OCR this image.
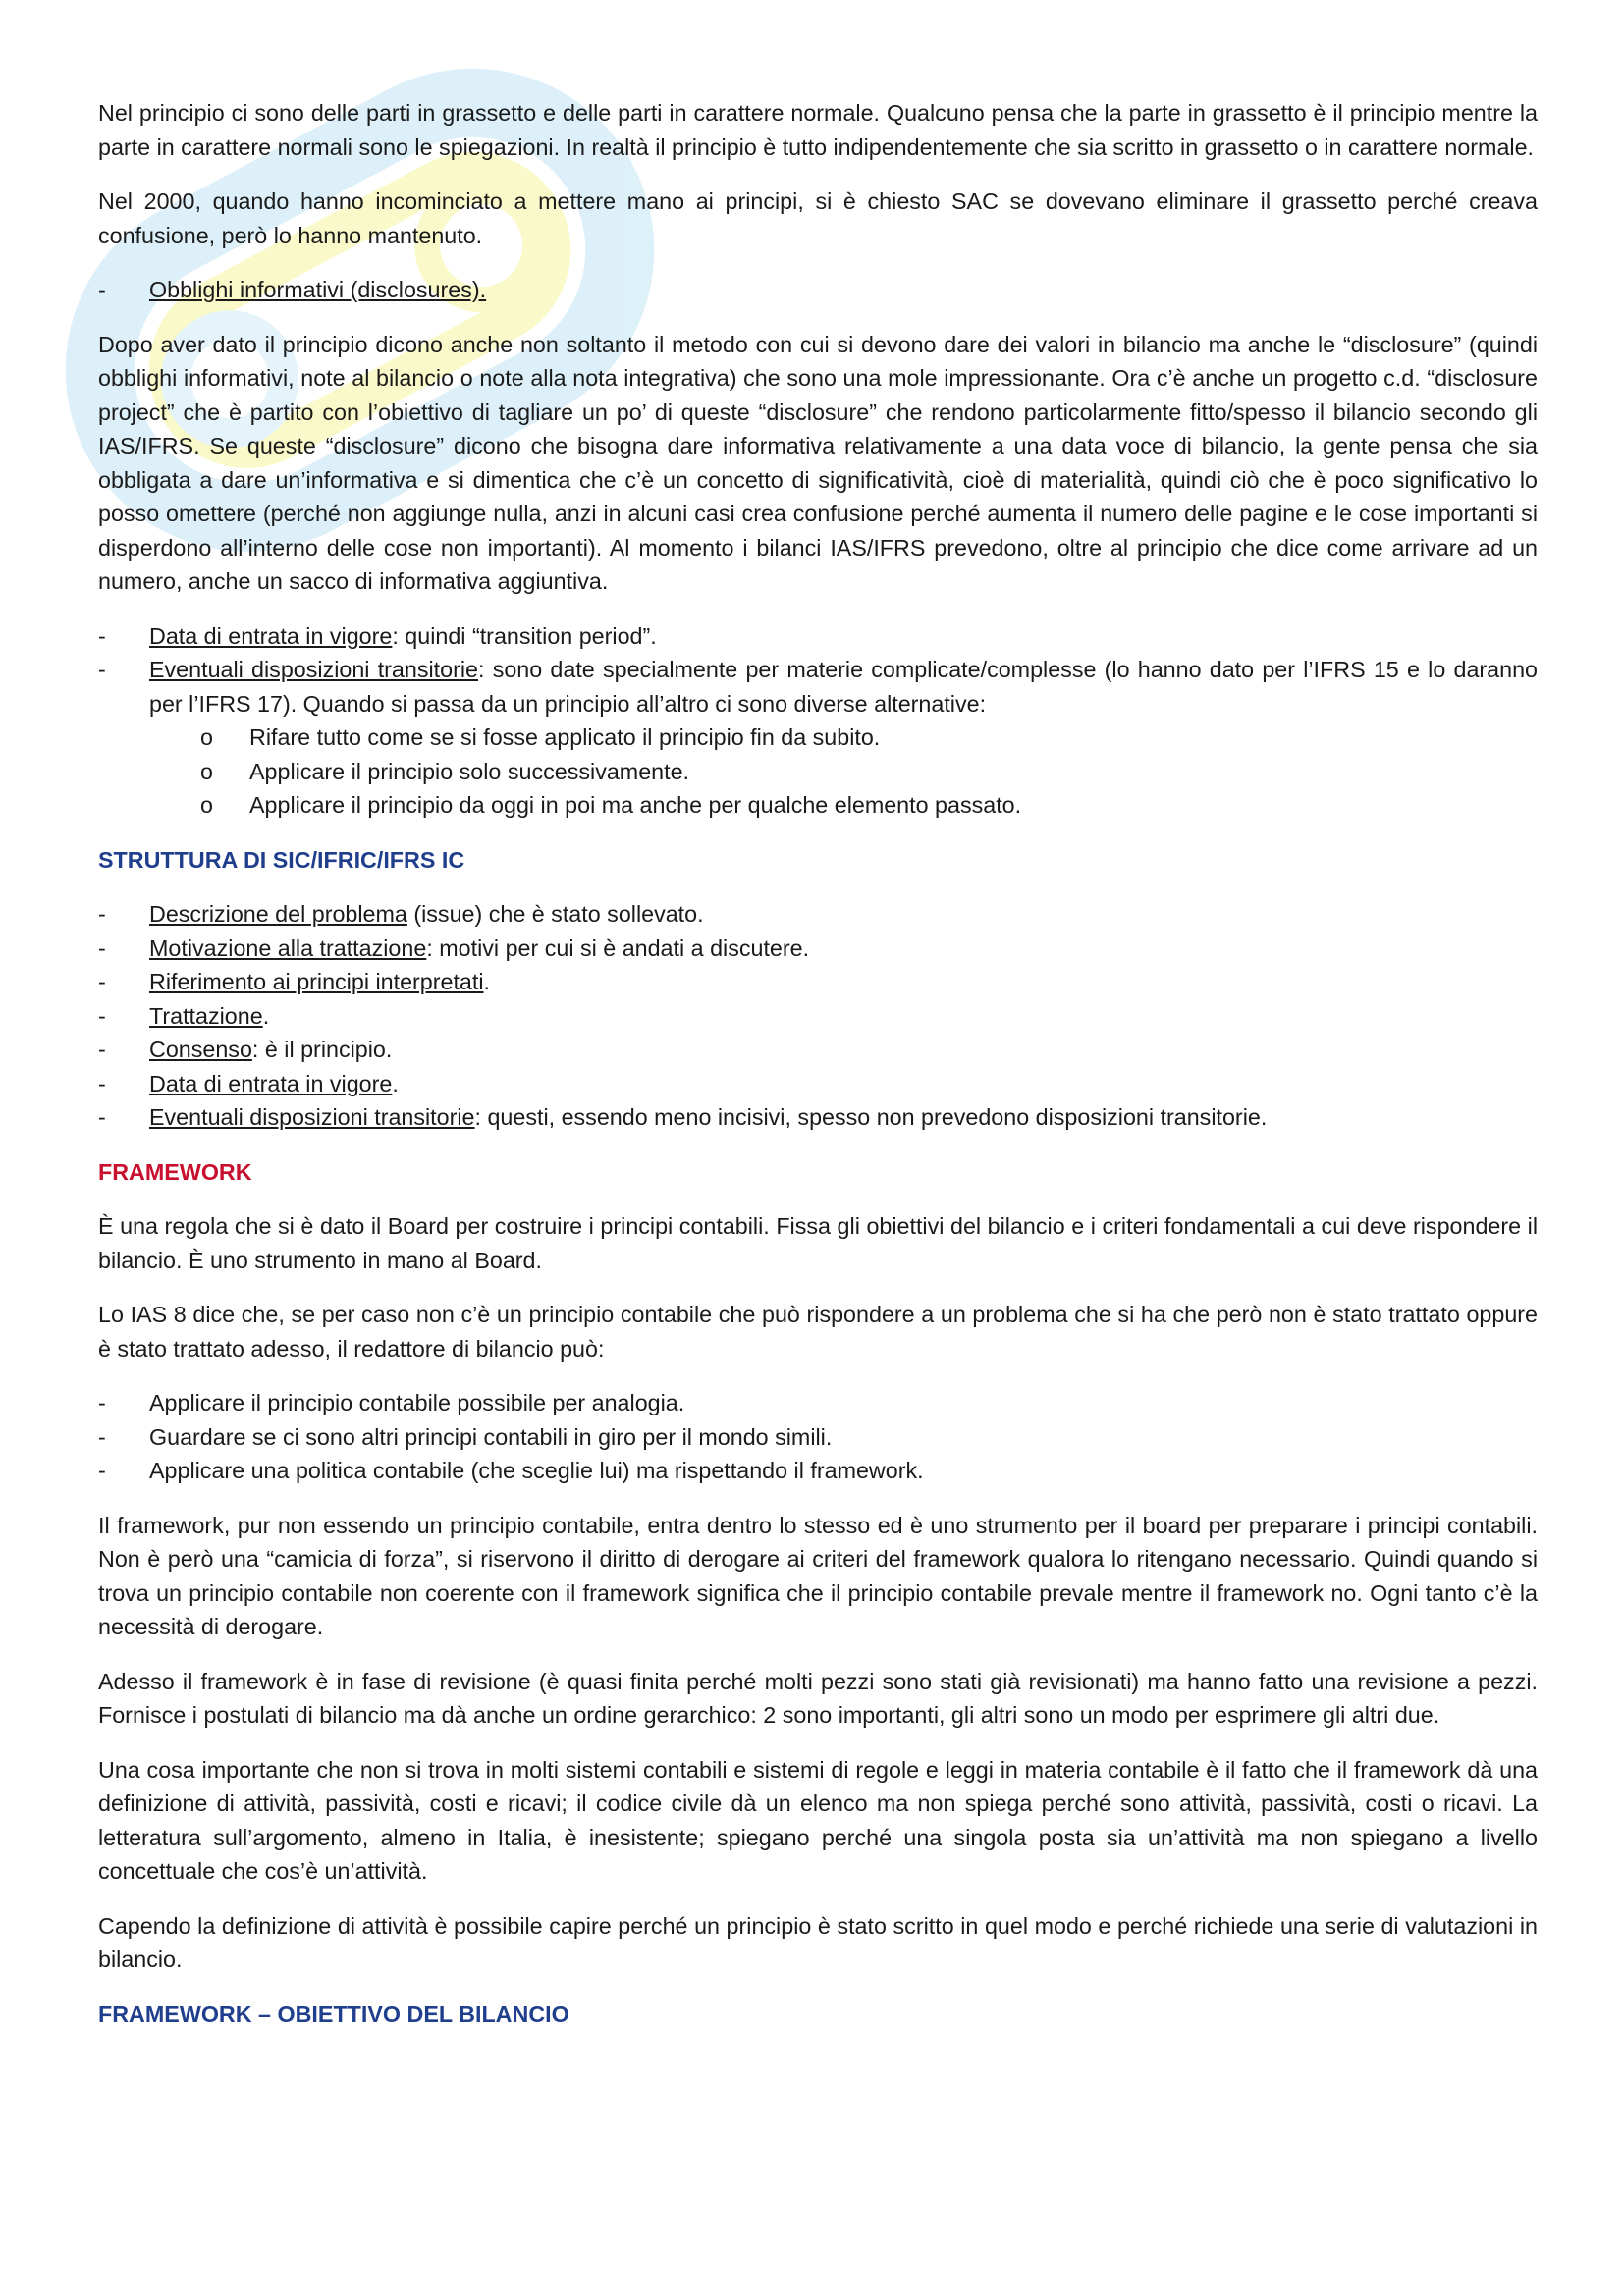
Nel principio ci sono delle parti in grassetto e delle parti in carattere normale. Qualcuno pensa che la parte in grassetto è il principio mentre la parte in carattere normali sono le spiegazioni. In realtà il principio è tutto indipendentemente che sia scritto in grassetto o in carattere normale.

Nel 2000, quando hanno incominciato a mettere mano ai principi, si è chiesto SAC se dovevano eliminare il grassetto perché creava confusione, però lo hanno mantenuto.

- Obblighi informativi (disclosures).

Dopo aver dato il principio dicono anche non soltanto il metodo con cui si devono dare dei valori in bilancio ma anche le “disclosure” (quindi obblighi informativi, note al bilancio o note alla nota integrativa) che sono una mole impressionante. Ora c’è anche un progetto c.d. “disclosure project” che è partito con l’obiettivo di tagliare un po’ di queste “disclosure” che rendono particolarmente fitto/spesso il bilancio secondo gli IAS/IFRS. Se queste “disclosure” dicono che bisogna dare informativa relativamente a una data voce di bilancio, la gente pensa che sia obbligata a dare un’informativa e si dimentica che c’è un concetto di significatività, cioè di materialità, quindi ciò che è poco significativo lo posso omettere (perché non aggiunge nulla, anzi in alcuni casi crea confusione perché aumenta il numero delle pagine e le cose importanti si disperdono all’interno delle cose non importanti). Al momento i bilanci IAS/IFRS prevedono, oltre al principio che dice come arrivare ad un numero, anche un sacco di informativa aggiuntiva.

- Data di entrata in vigore: quindi “transition period”.
- Eventuali disposizioni transitorie: sono date specialmente per materie complicate/complesse (lo hanno dato per l’IFRS 15 e lo daranno per l’IFRS 17). Quando si passa da un principio all’altro ci sono diverse alternative:
o Rifare tutto come se si fosse applicato il principio fin da subito.
o Applicare il principio solo successivamente.
o Applicare il principio da oggi in poi ma anche per qualche elemento passato.
STRUTTURA DI SIC/IFRIC/IFRS IC
- Descrizione del problema (issue) che è stato sollevato.
- Motivazione alla trattazione: motivi per cui si è andati a discutere.
- Riferimento ai principi interpretati.
- Trattazione.
- Consenso: è il principio.
- Data di entrata in vigore.
- Eventuali disposizioni transitorie: questi, essendo meno incisivi, spesso non prevedono disposizioni transitorie.
FRAMEWORK

È una regola che si è dato il Board per costruire i principi contabili. Fissa gli obiettivi del bilancio e i criteri fondamentali a cui deve rispondere il bilancio. È uno strumento in mano al Board.

Lo IAS 8 dice che, se per caso non c’è un principio contabile che può rispondere a un problema che si ha che però non è stato trattato oppure è stato trattato adesso, il redattore di bilancio può:

- Applicare il principio contabile possibile per analogia.
- Guardare se ci sono altri principi contabili in giro per il mondo simili.
- Applicare una politica contabile (che sceglie lui) ma rispettando il framework.

Il framework, pur non essendo un principio contabile, entra dentro lo stesso ed è uno strumento per il board per preparare i principi contabili. Non è però una “camicia di forza”, si riservono il diritto di derogare ai criteri del framework qualora lo ritengano necessario. Quindi quando si trova un principio contabile non coerente con il framework significa che il principio contabile prevale mentre il framework no. Ogni tanto c’è la necessità di derogare.

Adesso il framework è in fase di revisione (è quasi finita perché molti pezzi sono stati già revisionati) ma hanno fatto una revisione a pezzi. Fornisce i postulati di bilancio ma dà anche un ordine gerarchico: 2 sono importanti, gli altri sono un modo per esprimere gli altri due.

Una cosa importante che non si trova in molti sistemi contabili e sistemi di regole e leggi in materia contabile è il fatto che il framework dà una definizione di attività, passività, costi e ricavi; il codice civile dà un elenco ma non spiega perché sono attività, passività, costi o ricavi. La letteratura sull’argomento, almeno in Italia, è inesistente; spiegano perché una singola posta sia un’attività ma non spiegano a livello concettuale che cos’è un’attività.

Capendo la definizione di attività è possibile capire perché un principio è stato scritto in quel modo e perché richiede una serie di valutazioni in bilancio.

FRAMEWORK – OBIETTIVO DEL BILANCIO
